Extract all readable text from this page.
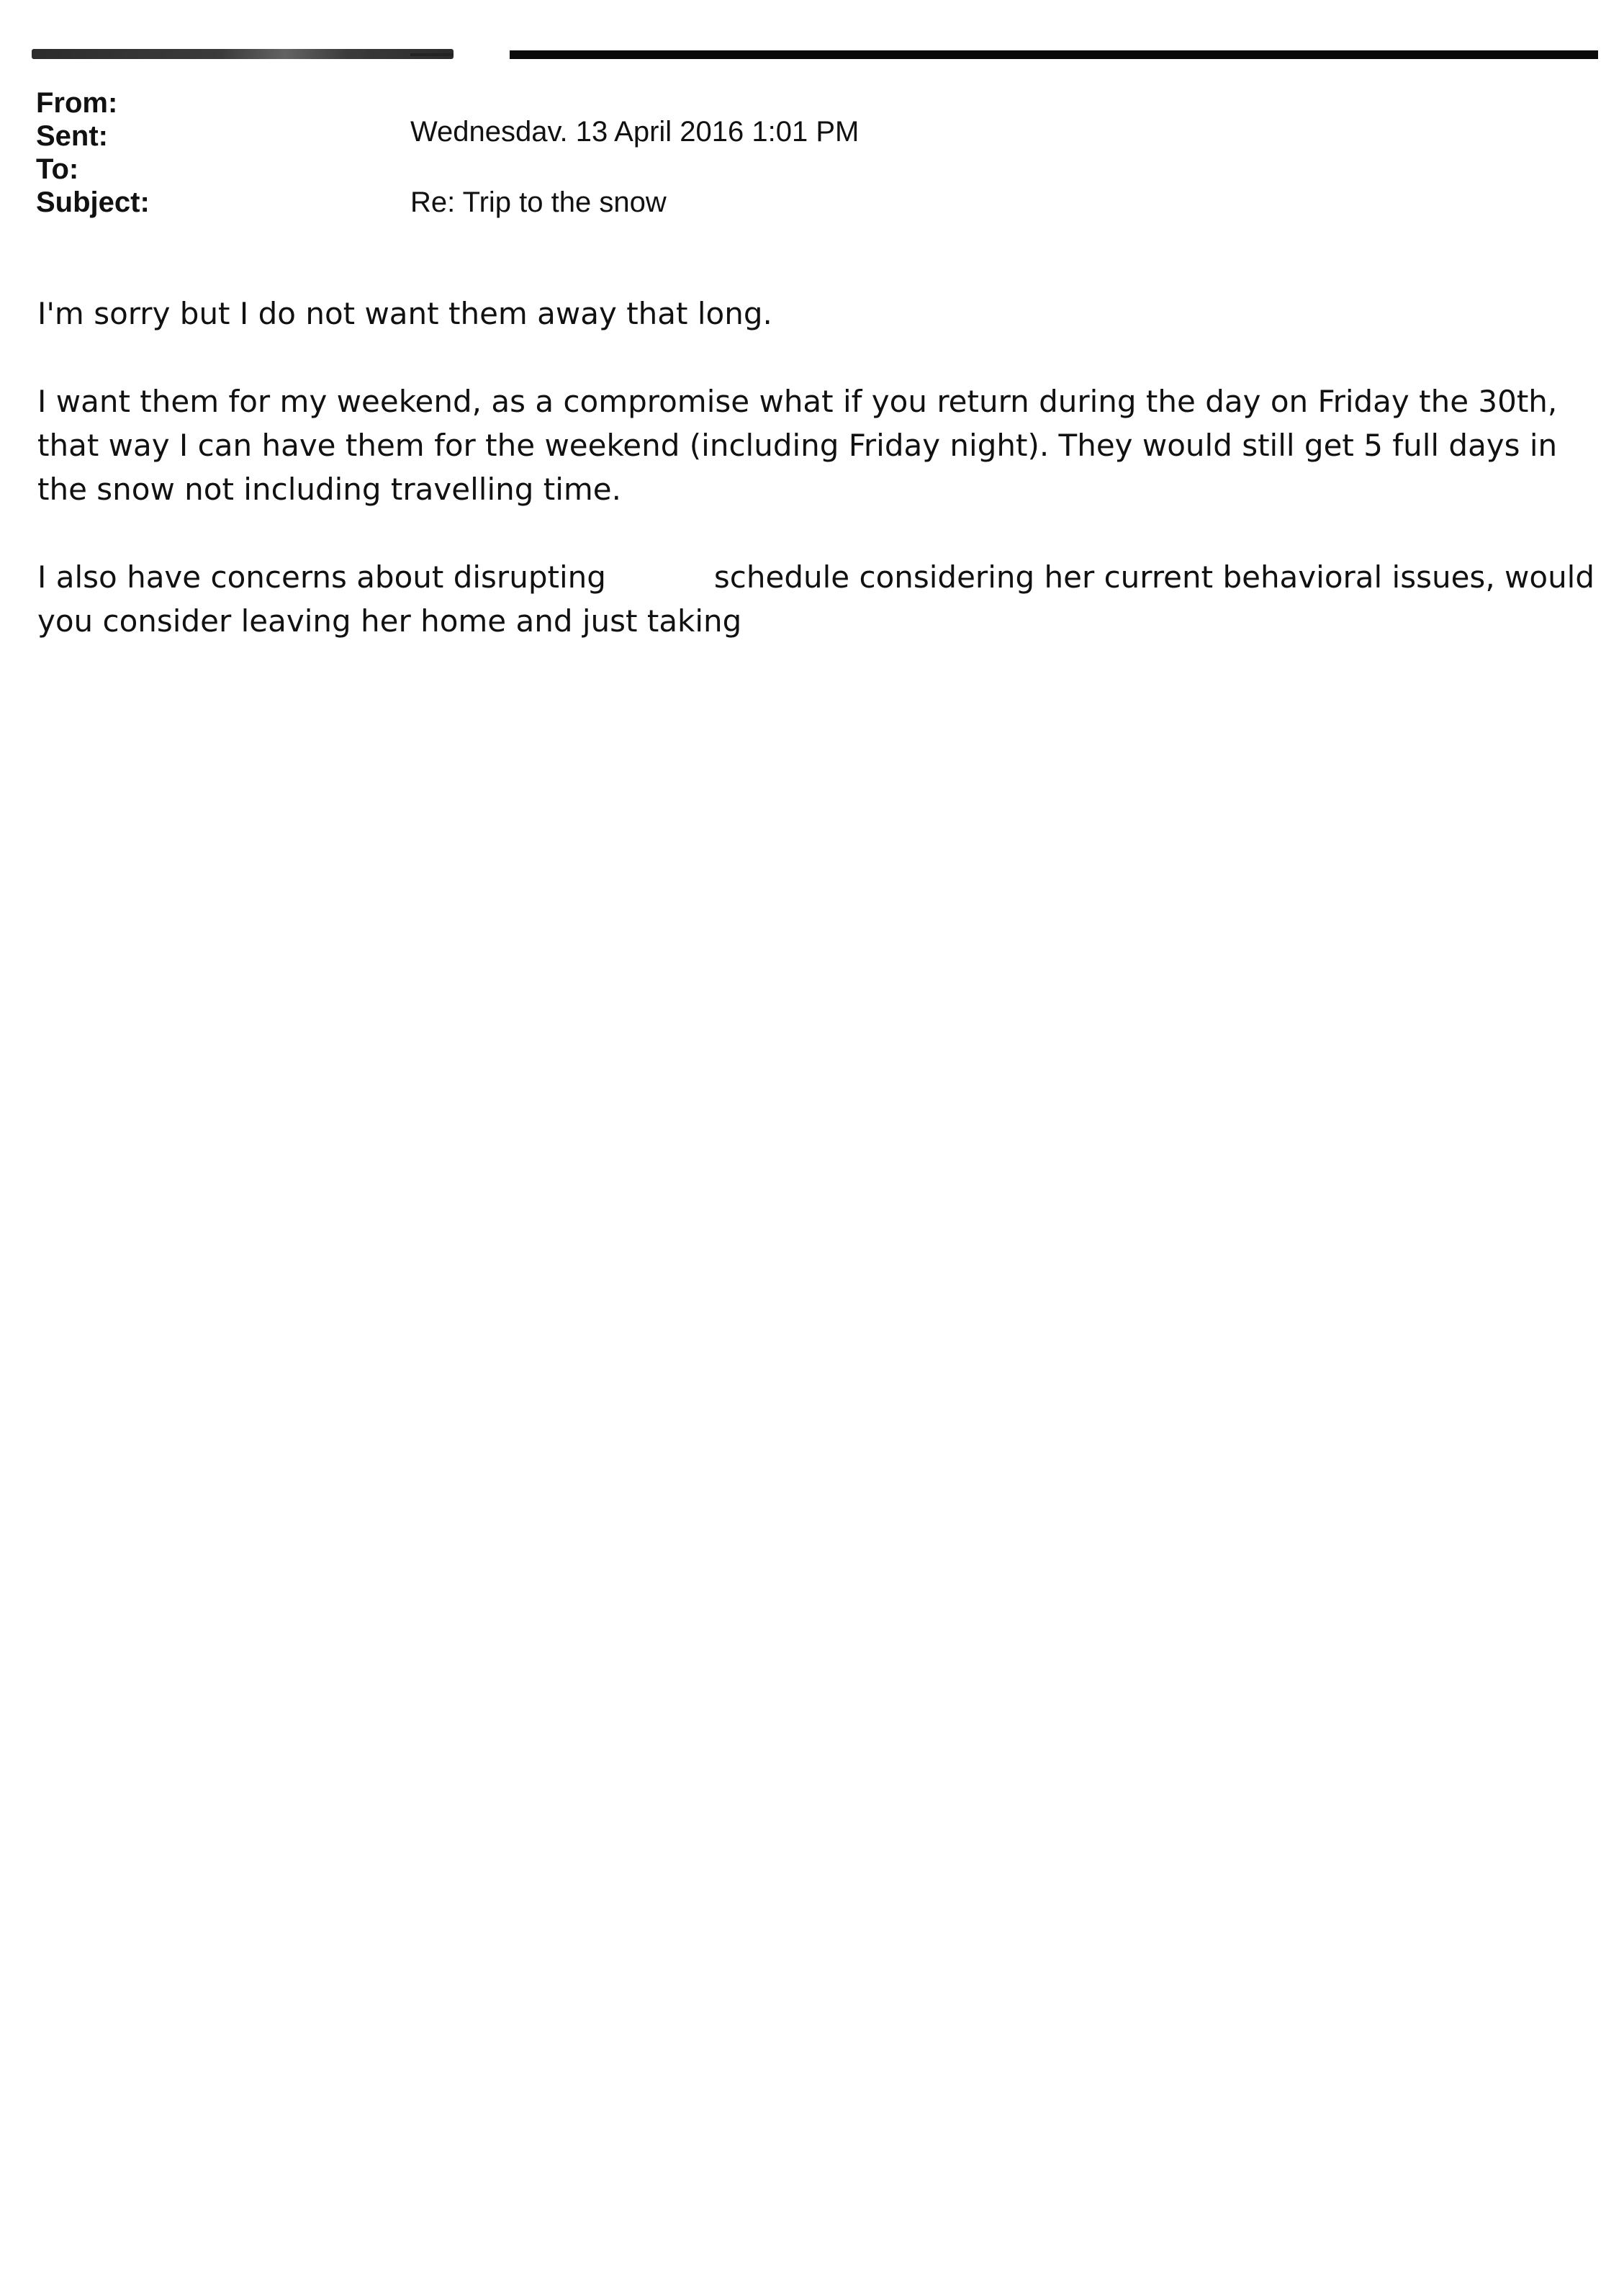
From:
Sent:	Wednesdav. 13 April 2016 1:01 PM
To:
Subject:	Re: Trip to the snow

I'm sorry but I do not want them away that long.

I want them for my weekend, as a compromise what if you return during the day on Friday the 30th, that way I can have them for the weekend (including Friday night). They would still get 5 full days in the snow not including travelling time.

I also have concerns about disrupting	schedule considering her current behavioral issues, would you consider leaving her home and just taking
